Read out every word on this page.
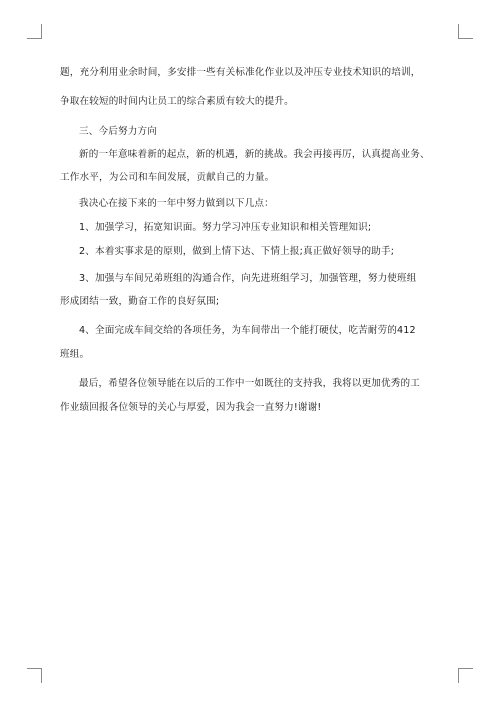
题，充分利用业余时间，多安排一些有关标准化作业以及冲压专业技术知识的培训，
争取在较短的时间内让员工的综合素质有较大的提升。
三、今后努力方向
新的一年意味着新的起点，新的机遇，新的挑战。我会再接再厉，认真提高业务、
工作水平，为公司和车间发展，贡献自己的力量。
我决心在接下来的一年中努力做到以下几点：
1、加强学习，拓宽知识面。努力学习冲压专业知识和相关管理知识;
2、本着实事求是的原则，做到上情下达、下情上报;真正做好领导的助手;
3、加强与车间兄弟班组的沟通合作，向先进班组学习，加强管理，努力使班组
形成团结一致，勤奋工作的良好氛围;
4、全面完成车间交给的各项任务，为车间带出一个能打硬仗，吃苦耐劳的412
班组。
最后，希望各位领导能在以后的工作中一如既往的支持我，我将以更加优秀的工
作业绩回报各位领导的关心与厚爱，因为我会一直努力!谢谢!
